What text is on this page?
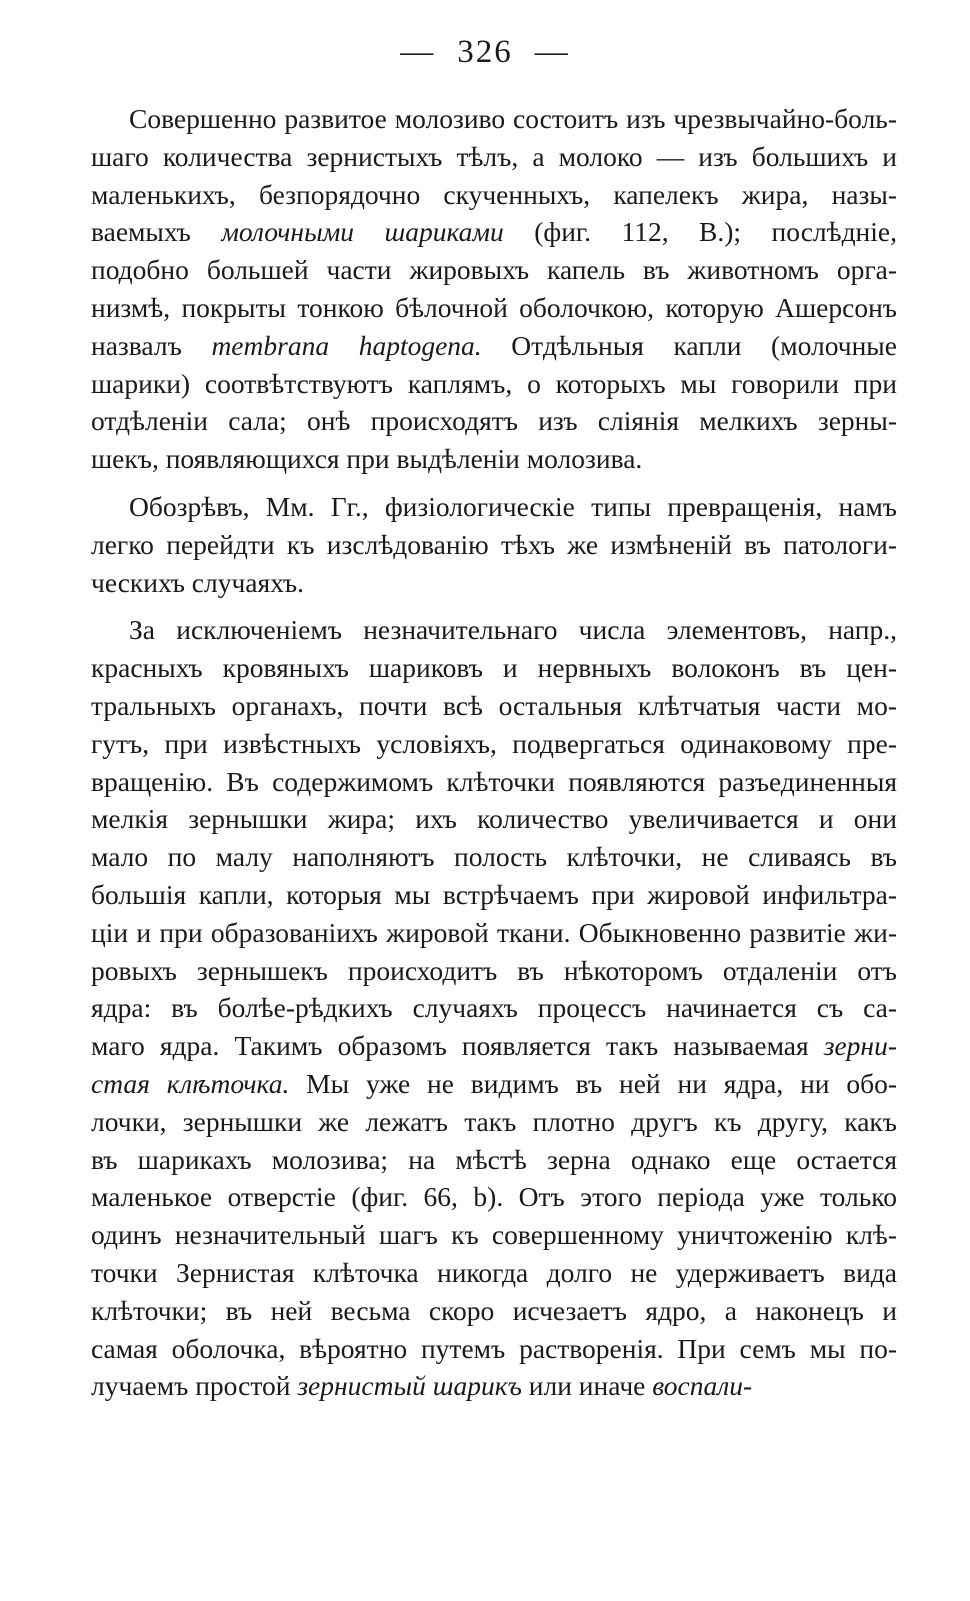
— 326 —
Совершенно развитое молозиво состоитъ изъ чрезвычайно-боль-
шаго количества зернистыхъ тѣлъ, а молоко — изъ большихъ и
маленькихъ, безпорядочно скученныхъ, капелекъ жира, назы-
ваемыхъ молочными шариками (фиг. 112, B.); послѣдніе,
подобно большей части жировыхъ капель въ животномъ орга-
низмѣ, покрыты тонкою бѣлочной оболочкою, которую Ашерсонъ
назвалъ membrana haptogena. Отдѣльныя капли (молочные
шарики) соотвѣтствуютъ каплямъ, о которыхъ мы говорили при
отдѣленіи сала; онѣ происходятъ изъ сліянія мелкихъ зерны-
шекъ, появляющихся при выдѣленіи молозива.
Обозрѣвъ, Мм. Гг., физіологическіе типы превращенія, намъ
легко перейдти къ изслѣдованію тѣхъ же измѣненій въ патологи-
ческихъ случаяхъ.
За исключеніемъ незначительнаго числа элементовъ, напр.,
красныхъ кровяныхъ шариковъ и нервныхъ волоконъ въ цен-
тральныхъ органахъ, почти всѣ остальныя клѣтчатыя части мо-
гутъ, при извѣстныхъ условіяхъ, подвергаться одинаковому пре-
вращенію. Въ содержимомъ клѣточки появляются разъединенныя
мелкія зернышки жира; ихъ количество увеличивается и они
мало по малу наполняютъ полость клѣточки, не сливаясь въ
большія капли, которыя мы встрѣчаемъ при жировой инфильтра-
ціи и при образованіихъ жировой ткани. Обыкновенно развитіе жи-
ровыхъ зернышекъ происходитъ въ нѣкоторомъ отдаленіи отъ
ядра: въ болѣе-рѣдкихъ случаяхъ процессъ начинается съ са-
маго ядра. Такимъ образомъ появляется такъ называемая зерни-
стая клѣточка. Мы уже не видимъ въ ней ни ядра, ни обо-
лочки, зернышки же лежатъ такъ плотно другъ къ другу, какъ
въ шарикахъ молозива; на мѣстѣ зерна однако еще остается
маленькое отверстіе (фиг. 66, b). Отъ этого періода уже только
одинъ незначительный шагъ къ совершенному уничтоженію клѣ-
точки Зернистая клѣточка никогда долго не удерживаетъ вида
клѣточки; въ ней весьма скоро исчезаетъ ядро, а наконецъ и
самая оболочка, вѣроятно путемъ растворенія. При семъ мы по-
лучаемъ простой зернистый шарикъ или иначе воспали-
